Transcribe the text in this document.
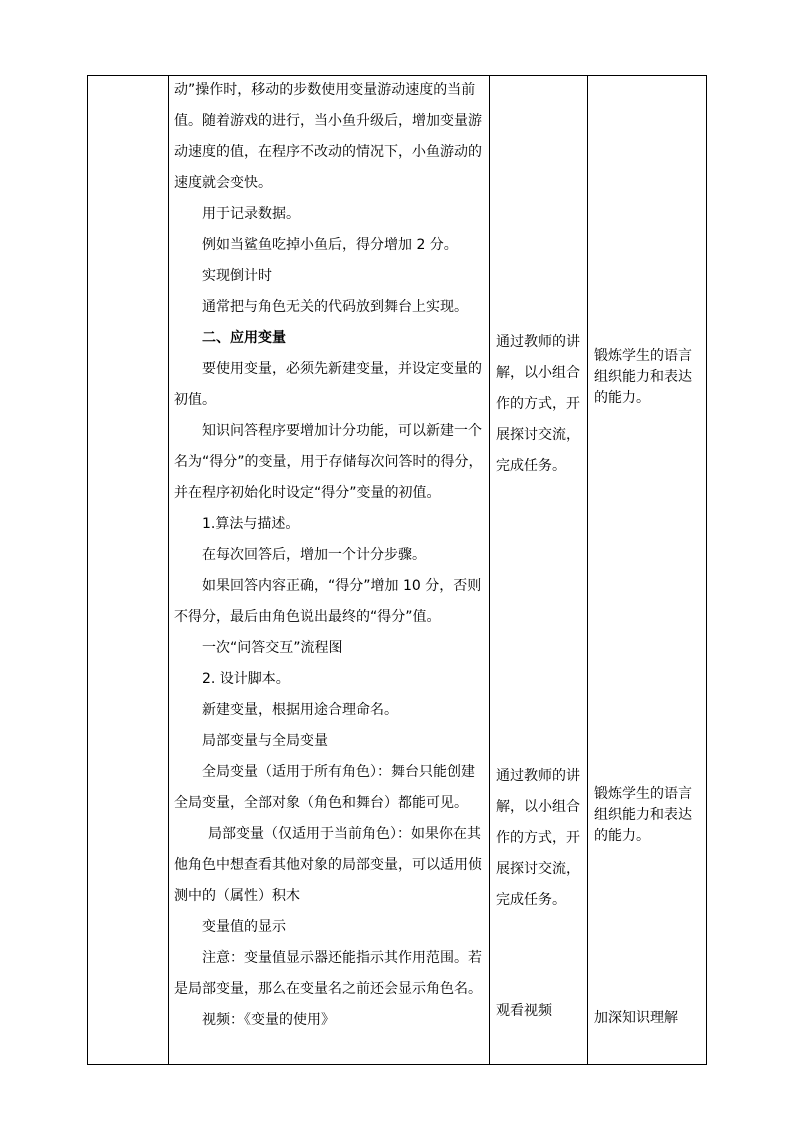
动”操作时，移动的步数使用变量游动速度的当前
值。随着游戏的进行，当小鱼升级后，增加变量游
动速度的值，在程序不改动的情况下，小鱼游动的
速度就会变快。
用于记录数据。
例如当鲨鱼吃掉小鱼后，得分增加 2 分。
实现倒计时
通常把与角色无关的代码放到舞台上实现。
二、应用变量
要使用变量，必须先新建变量，并设定变量的
初值。
知识问答程序要增加计分功能，可以新建一个
名为“得分”的变量，用于存储每次问答时的得分，
并在程序初始化时设定“得分”变量的初值。
1.算法与描述。
在每次回答后，增加一个计分步骤。
如果回答内容正确，“得分”增加 10 分，否则
不得分，最后由角色说出最终的“得分”值。
一次“问答交互”流程图
2. 设计脚本。
新建变量，根据用途合理命名。
局部变量与全局变量
全局变量（适用于所有角色）：舞台只能创建
全局变量，全部对象（角色和舞台）都能可见。
局部变量（仅适用于当前角色）：如果你在其
他角色中想查看其他对象的局部变量，可以适用侦
测中的（属性）积木
变量值的显示
注意：变量值显示器还能指示其作用范围。若
是局部变量，那么在变量名之前还会显示角色名。
视频：《变量的使用》
通过教师的讲
解，以小组合
作的方式，开
展探讨交流，
完成任务。
通过教师的讲
解，以小组合
作的方式，开
展探讨交流，
完成任务。
观看视频
锻炼学生的语言
组织能力和表达
的能力。
锻炼学生的语言
组织能力和表达
的能力。
加深知识理解
